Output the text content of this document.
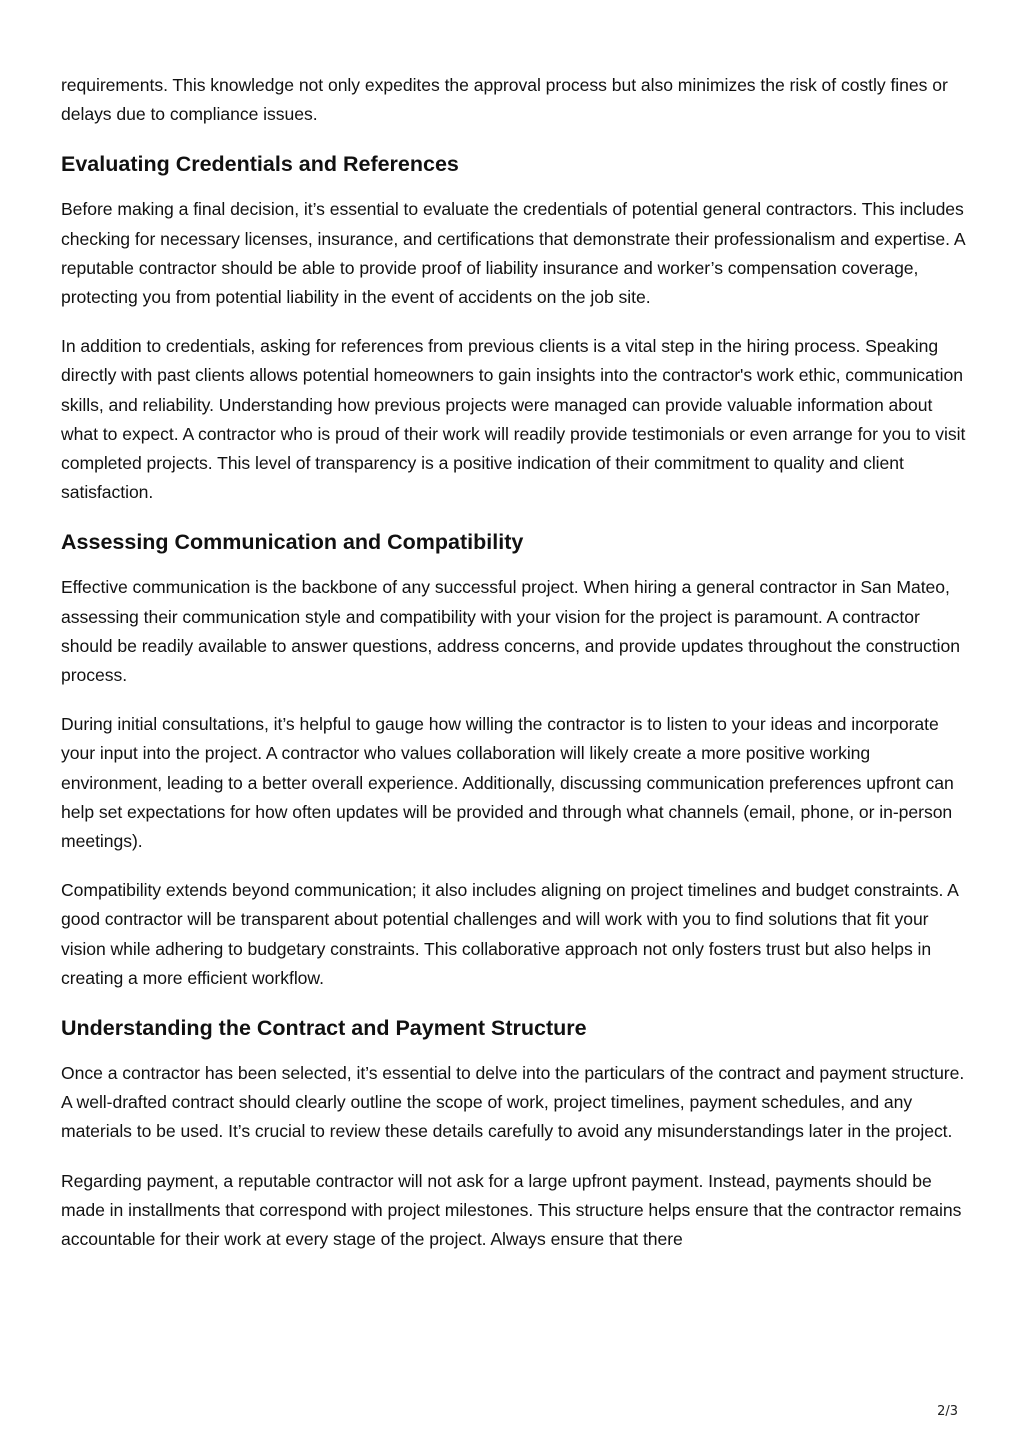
requirements. This knowledge not only expedites the approval process but also minimizes the risk of costly fines or delays due to compliance issues.

Evaluating Credentials and References

Before making a final decision, it’s essential to evaluate the credentials of potential general contractors. This includes checking for necessary licenses, insurance, and certifications that demonstrate their professionalism and expertise. A reputable contractor should be able to provide proof of liability insurance and worker’s compensation coverage, protecting you from potential liability in the event of accidents on the job site.

In addition to credentials, asking for references from previous clients is a vital step in the hiring process. Speaking directly with past clients allows potential homeowners to gain insights into the contractor's work ethic, communication skills, and reliability. Understanding how previous projects were managed can provide valuable information about what to expect. A contractor who is proud of their work will readily provide testimonials or even arrange for you to visit completed projects. This level of transparency is a positive indication of their commitment to quality and client satisfaction.

Assessing Communication and Compatibility

Effective communication is the backbone of any successful project. When hiring a general contractor in San Mateo, assessing their communication style and compatibility with your vision for the project is paramount. A contractor should be readily available to answer questions, address concerns, and provide updates throughout the construction process.

During initial consultations, it’s helpful to gauge how willing the contractor is to listen to your ideas and incorporate your input into the project. A contractor who values collaboration will likely create a more positive working environment, leading to a better overall experience. Additionally, discussing communication preferences upfront can help set expectations for how often updates will be provided and through what channels (email, phone, or in-person meetings).

Compatibility extends beyond communication; it also includes aligning on project timelines and budget constraints. A good contractor will be transparent about potential challenges and will work with you to find solutions that fit your vision while adhering to budgetary constraints. This collaborative approach not only fosters trust but also helps in creating a more efficient workflow.

Understanding the Contract and Payment Structure

Once a contractor has been selected, it’s essential to delve into the particulars of the contract and payment structure. A well-drafted contract should clearly outline the scope of work, project timelines, payment schedules, and any materials to be used. It’s crucial to review these details carefully to avoid any misunderstandings later in the project.

Regarding payment, a reputable contractor will not ask for a large upfront payment. Instead, payments should be made in installments that correspond with project milestones. This structure helps ensure that the contractor remains accountable for their work at every stage of the project. Always ensure that there

2/3
